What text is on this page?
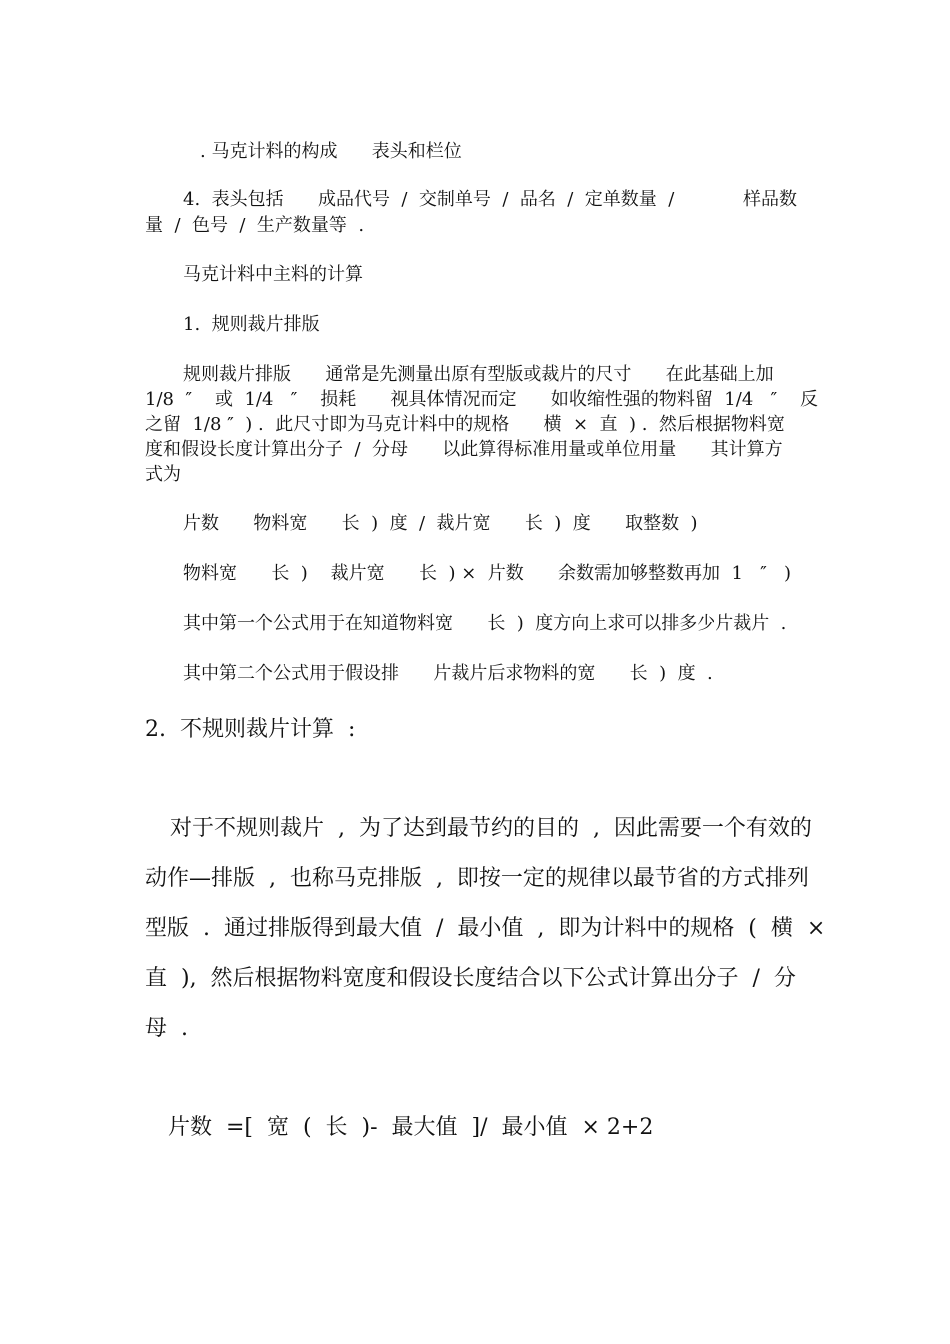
. 马克计料的构成      表头和栏位

4.  表头包括      成品代号  /  交制单号  /  品名  /  定单数量  /            样品数

量  /  色号  /  生产数量等  .

马克计料中主料的计算

1.  规则裁片排版

规则裁片排版      通常是先测量出原有型版或裁片的尺寸      在此基础上加

1/8  ″    或  1/4   ″    损耗      视具体情况而定      如收缩性强的物料留  1/4   ″    反

之留  1/8 ″  ) .  此尺寸即为马克计料中的规格      横  ×  直  ) .  然后根据物料宽

度和假设长度计算出分子  /  分母      以此算得标准用量或单位用量      其计算方

式为

片数      物料宽      长  )  度  /  裁片宽      长  )  度      取整数  )

物料宽      长  )    裁片宽      长  ) ×  片数      余数需加够整数再加  1   ″   )

其中第一个公式用于在知道物料宽      长  )  度方向上求可以排多少片裁片  .

其中第二个公式用于假设排      片裁片后求物料的宽      长  )  度  .

2.  不规则裁片计算  :

对于不规则裁片  ,  为了达到最节约的目的  ,  因此需要一个有效的

动作—排版  ,  也称马克排版  ,  即按一定的规律以最节省的方式排列

型版  .  通过排版得到最大值  /  最小值  ,  即为计料中的规格  (  横  ×

直  ),  然后根据物料宽度和假设长度结合以下公式计算出分子  /  分

母  .

片数  =[  宽  (  长  )-  最大值  ]/  最小值  × 2+2
